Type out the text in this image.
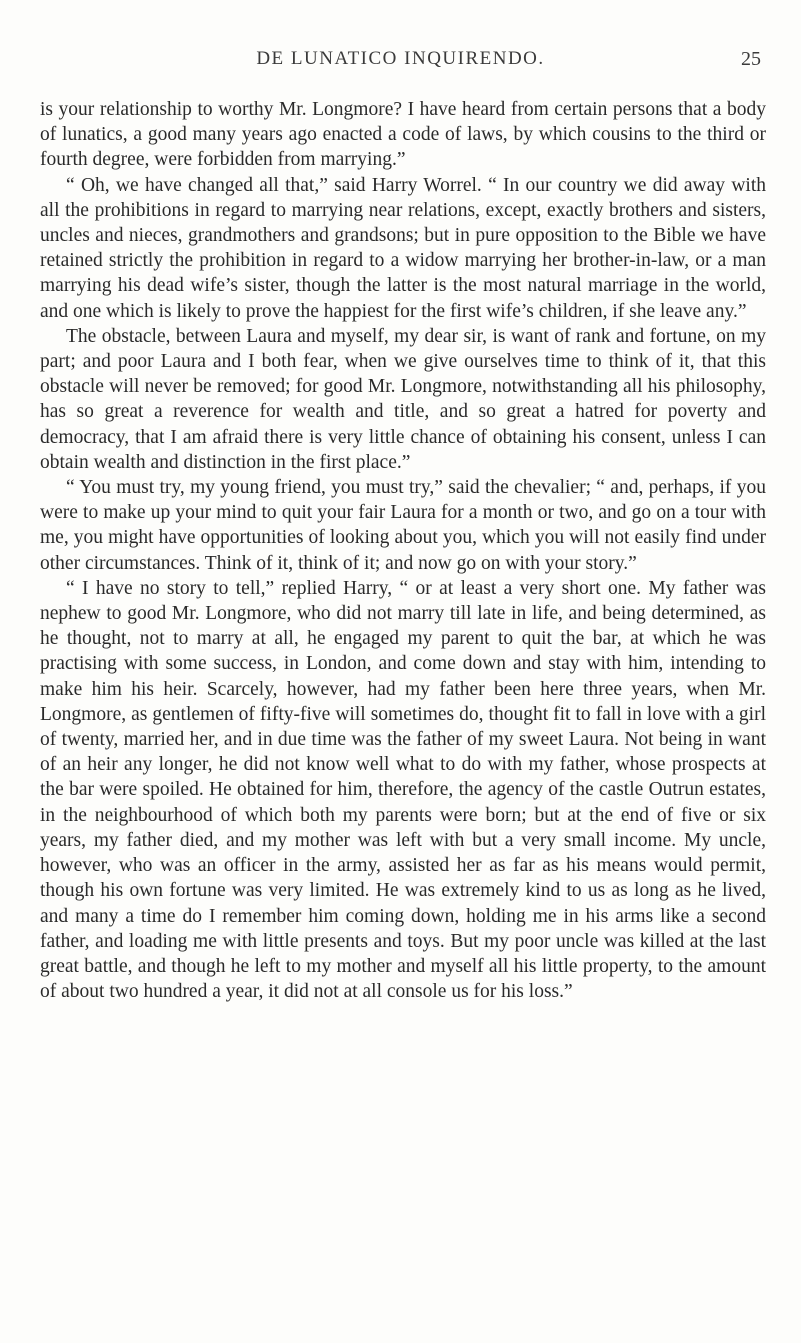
DE LUNATICO INQUIRENDO.	25

is your relationship to worthy Mr. Longmore? I have heard from certain persons that a body of lunatics, a good many years ago enacted a code of laws, by which cousins to the third or fourth degree, were forbidden from marrying.”

“ Oh, we have changed all that,” said Harry Worrel. “ In our country we did away with all the prohibitions in regard to marrying near relations, except, exactly brothers and sisters, uncles and nieces, grandmothers and grandsons; but in pure opposition to the Bible we have retained strictly the prohibition in regard to a widow marrying her brother-in-law, or a man marrying his dead wife’s sister, though the latter is the most natural marriage in the world, and one which is likely to prove the happiest for the first wife’s children, if she leave any.”

The obstacle, between Laura and myself, my dear sir, is want of rank and fortune, on my part; and poor Laura and I both fear, when we give ourselves time to think of it, that this obstacle will never be removed; for good Mr. Longmore, notwithstanding all his philosophy, has so great a reverence for wealth and title, and so great a hatred for poverty and democracy, that I am afraid there is very little chance of obtaining his consent, unless I can obtain wealth and distinction in the first place.”

“ You must try, my young friend, you must try,” said the chevalier; “ and, perhaps, if you were to make up your mind to quit your fair Laura for a month or two, and go on a tour with me, you might have opportunities of looking about you, which you will not easily find under other circumstances. Think of it, think of it; and now go on with your story.”

“ I have no story to tell,” replied Harry, “ or at least a very short one. My father was nephew to good Mr. Longmore, who did not marry till late in life, and being determined, as he thought, not to marry at all, he engaged my parent to quit the bar, at which he was practising with some success, in London, and come down and stay with him, intending to make him his heir. Scarcely, however, had my father been here three years, when Mr. Longmore, as gentlemen of fifty-five will sometimes do, thought fit to fall in love with a girl of twenty, married her, and in due time was the father of my sweet Laura. Not being in want of an heir any longer, he did not know well what to do with my father, whose prospects at the bar were spoiled. He obtained for him, therefore, the agency of the castle Outrun estates, in the neighbourhood of which both my parents were born; but at the end of five or six years, my father died, and my mother was left with but a very small income. My uncle, however, who was an officer in the army, assisted her as far as his means would permit, though his own fortune was very limited. He was extremely kind to us as long as he lived, and many a time do I remember him coming down, holding me in his arms like a second father, and loading me with little presents and toys. But my poor uncle was killed at the last great battle, and though he left to my mother and myself all his little property, to the amount of about two hundred a year, it did not at all console us for his loss.”
